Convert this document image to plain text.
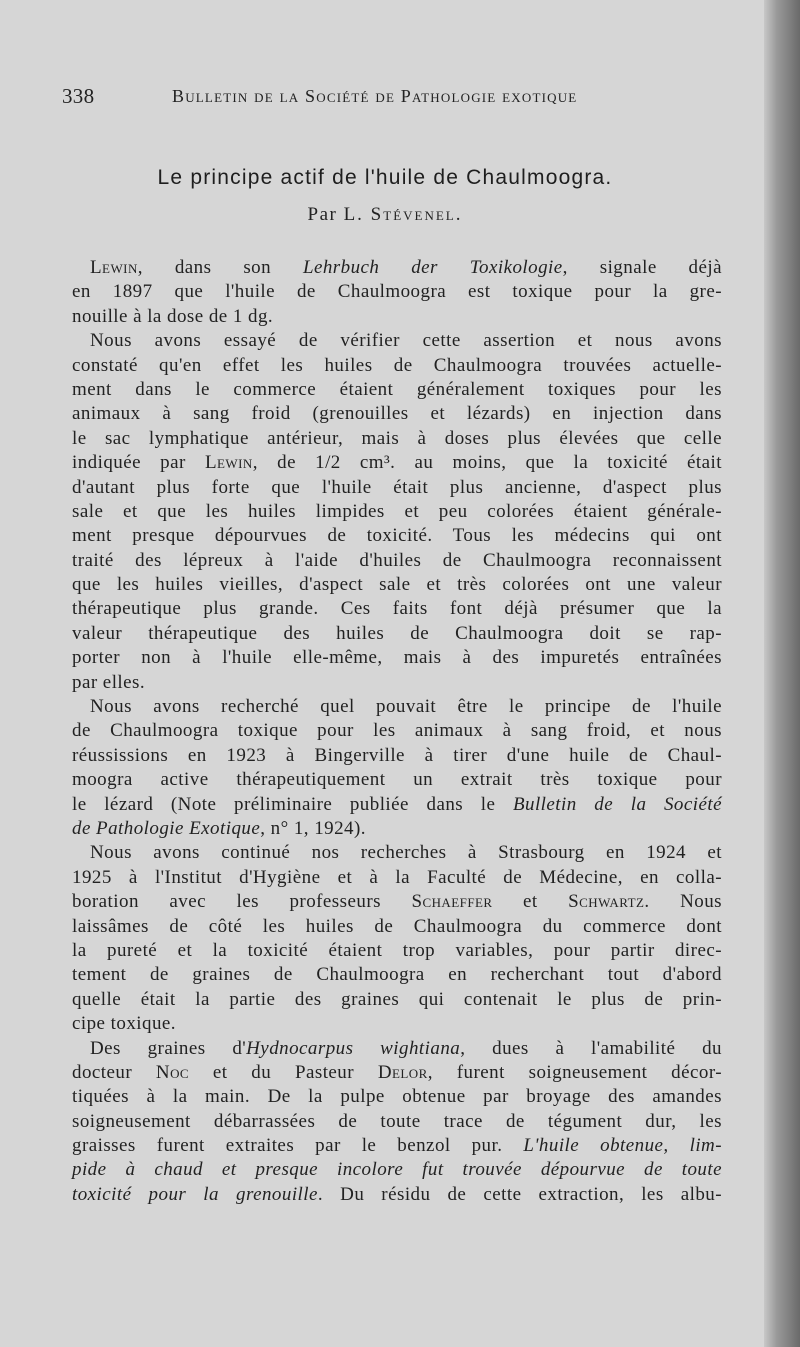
338	Bulletin de la Société de Pathologie exotique
Le principe actif de l'huile de Chaulmoogra.
Par L. Stévenel.
Lewin, dans son Lehrbuch der Toxikologie, signale déjà
en 1897 que l'huile de Chaulmoogra est toxique pour la gre-
nouille à la dose de 1 dg.
Nous avons essayé de vérifier cette assertion et nous avons
constaté qu'en effet les huiles de Chaulmoogra trouvées actuelle-
ment dans le commerce étaient généralement toxiques pour les
animaux à sang froid (grenouilles et lézards) en injection dans
le sac lymphatique antérieur, mais à doses plus élevées que celle
indiquée par Lewin, de 1/2 cm³. au moins, que la toxicité était
d'autant plus forte que l'huile était plus ancienne, d'aspect plus
sale et que les huiles limpides et peu colorées étaient générale-
ment presque dépourvues de toxicité. Tous les médecins qui ont
traité des lépreux à l'aide d'huiles de Chaulmoogra reconnaissent
que les huiles vieilles, d'aspect sale et très colorées ont une valeur
thérapeutique plus grande. Ces faits font déjà présumer que la
valeur thérapeutique des huiles de Chaulmoogra doit se rap-
porter non à l'huile elle-même, mais à des impuretés entraînées
par elles.
Nous avons recherché quel pouvait être le principe de l'huile
de Chaulmoogra toxique pour les animaux à sang froid, et nous
réussissions en 1923 à Bingerville à tirer d'une huile de Chaul-
moogra active thérapeutiquement un extrait très toxique pour
le lézard (Note préliminaire publiée dans le Bulletin de la Société
de Pathologie Exotique, n° 1, 1924).
Nous avons continué nos recherches à Strasbourg en 1924 et
1925 à l'Institut d'Hygiène et à la Faculté de Médecine, en colla-
boration avec les professeurs Schaeffer et Schwartz. Nous
laissâmes de côté les huiles de Chaulmoogra du commerce dont
la pureté et la toxicité étaient trop variables, pour partir direc-
tement de graines de Chaulmoogra en recherchant tout d'abord
quelle était la partie des graines qui contenait le plus de prin-
cipe toxique.
Des graines d'Hydnocarpus wightiana, dues à l'amabilité du
docteur Noc et du Pasteur Delor, furent soigneusement décor-
tiquées à la main. De la pulpe obtenue par broyage des amandes
soigneusement débarrassées de toute trace de tégument dur, les
graisses furent extraites par le benzol pur. L'huile obtenue, lim-
pide à chaud et presque incolore fut trouvée dépourvue de toute
toxicité pour la grenouille. Du résidu de cette extraction, les albu-
